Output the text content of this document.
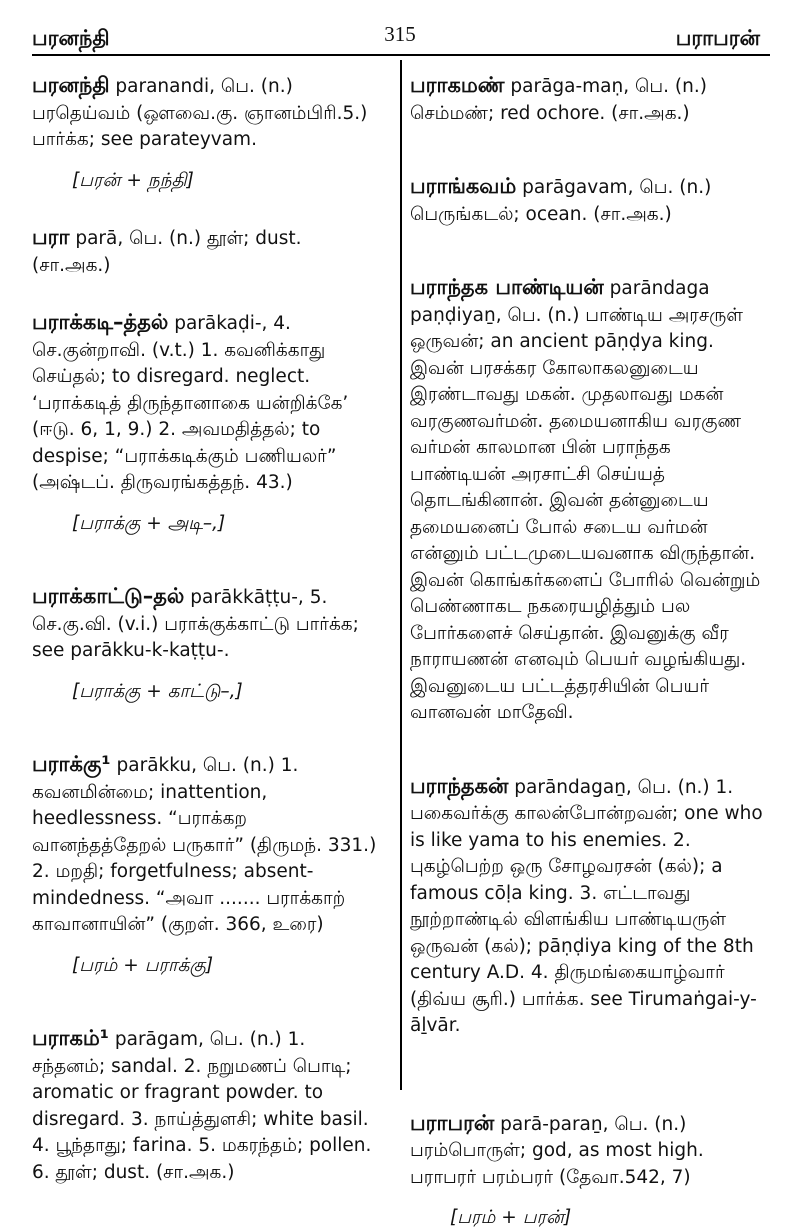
பரனந்தி	315	பராபரன்
பரனந்தி paranandi, பெ. (n.) பரதெய்வம் (ஔவை.கு. ஞானம்பிரி.5.) பார்க்க; see parateyvam.
[பரன் + நந்தி]
பரா parā, பெ. (n.) தூள்; dust. (சா.அக.)
பராக்கடி–த்தல் parākaḍi-, 4. செ.குன்றாவி. (v.t.) 1. கவனிக்காது செய்தல்; to disregard. neglect. ‘பராக்கடித் திருந்தானாகை யன்றிக்கே’ (ஈடு. 6, 1, 9.) 2. அவமதித்தல்; to despise; “பராக்கடிக்கும் பணியலர்” (அஷ்டப். திருவரங்கத்தந். 43.)
[பராக்கு + அடி–,]
பராக்காட்டு–தல் parākkāṭṭu-, 5. செ.கு.வி. (v.i.) பராக்குக்காட்டு பார்க்க; see parākku-k-kaṭṭu-.
[பராக்கு + காட்டு–,]
பராக்கு¹ parākku, பெ. (n.) 1. கவனமின்மை; inattention, heedlessness. “பராக்கற வானந்தத்தேறல் பருகார்” (திருமந். 331.) 2. மறதி; forgetfulness; absent-mindedness. “அவா ....... பராக்காற் காவானாயின்” (குறள். 366, உரை)
[பரம் + பராக்கு]
பராகம்¹ parāgam, பெ. (n.) 1. சந்தனம்; sandal. 2. நறுமணப் பொடி; aromatic or fragrant powder. to disregard. 3. நாய்த்துளசி; white basil. 4. பூந்தாது; farina. 5. மகரந்தம்; pollen. 6. தூள்; dust. (சா.அக.)
பராகமண் parāga-maṇ, பெ. (n.) செம்மண்; red ochore. (சா.அக.)
பராங்கவம் parāgavam, பெ. (n.) பெருங்கடல்; ocean. (சா.அக.)
பராந்தக பாண்டியன் parāndaga paṇḍiyaṉ, பெ. (n.) பாண்டிய அரசருள் ஒருவன்; an ancient pāṇḍya king. இவன் பரசக்கர கோலாகலனுடைய இரண்டாவது மகன். முதலாவது மகன் வரகுணவர்மன். தமையனாகிய வரகுண வர்மன் காலமான பின் பராந்தக பாண்டியன் அரசாட்சி செய்யத் தொடங்கினான். இவன் தன்னுடைய தமையனைப் போல் சடைய வர்மன் என்னும் பட்டமுடையவனாக விருந்தான். இவன் கொங்கர்களைப் போரில் வென்றும் பெண்ணாகட நகரையழித்தும் பல போர்களைச் செய்தான். இவனுக்கு வீர நாராயணன் எனவும் பெயர் வழங்கியது. இவனுடைய பட்டத்தரசியின் பெயர் வானவன் மாதேவி.
பராந்தகன் parāndagaṉ, பெ. (n.) 1. பகைவர்க்கு காலன்போன்றவன்; one who is like yama to his enemies. 2. புகழ்பெற்ற ஒரு சோழவரசன் (கல்); a famous cōḷa king. 3. எட்டாவது நூற்றாண்டில் விளங்கிய பாண்டியருள் ஒருவன் (கல்); pāṇḍiya king of the 8th century A.D. 4. திருமங்கையாழ்வார் (திவ்ய சூரி.) பார்க்க. see Tirumaṅgai-y-āḻvār.
பராபரன் parā-paraṉ, பெ. (n.) பரம்பொருள்; god, as most high. பராபரர் பரம்பரர் (தேவா.542, 7)
[பரம் + பரன்]
